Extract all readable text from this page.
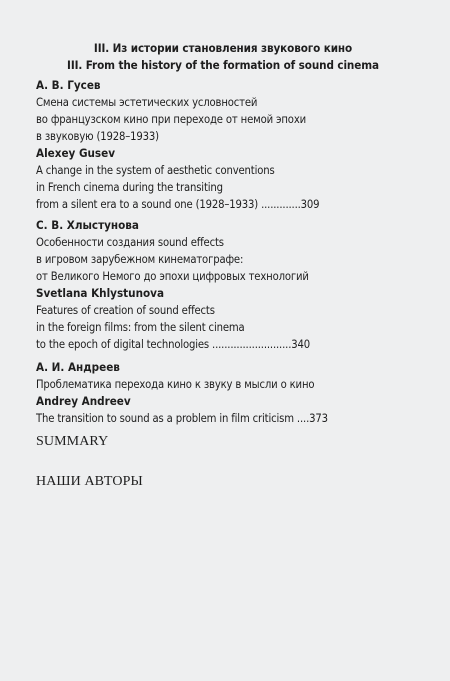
III. Из истории становления звукового кино
III. From the history of the formation of sound cinema
А. В. Гусев
Смена системы эстетических условностей
во французском кино при переходе от немой эпохи
в звуковую (1928–1933)
Alexey Gusev
A change in the system of aesthetic conventions
in French cinema during the transiting
from a silent era to a sound one (1928–1933) .............309
С. В. Хлыстунова
Особенности создания sound effects
в игровом зарубежном кинематографе:
от Великого Немого до эпохи цифровых технологий
Svetlana Khlystunova
Features of creation of sound effects
in the foreign films: from the silent cinema
to the epoch of digital technologies ..........................340
А. И. Андреев
Проблематика перехода кино к звуку в мысли о кино
Andrey Andreev
The transition to sound as a problem in film criticism ....373
SUMMARY
НАШИ АВТОРЫ
